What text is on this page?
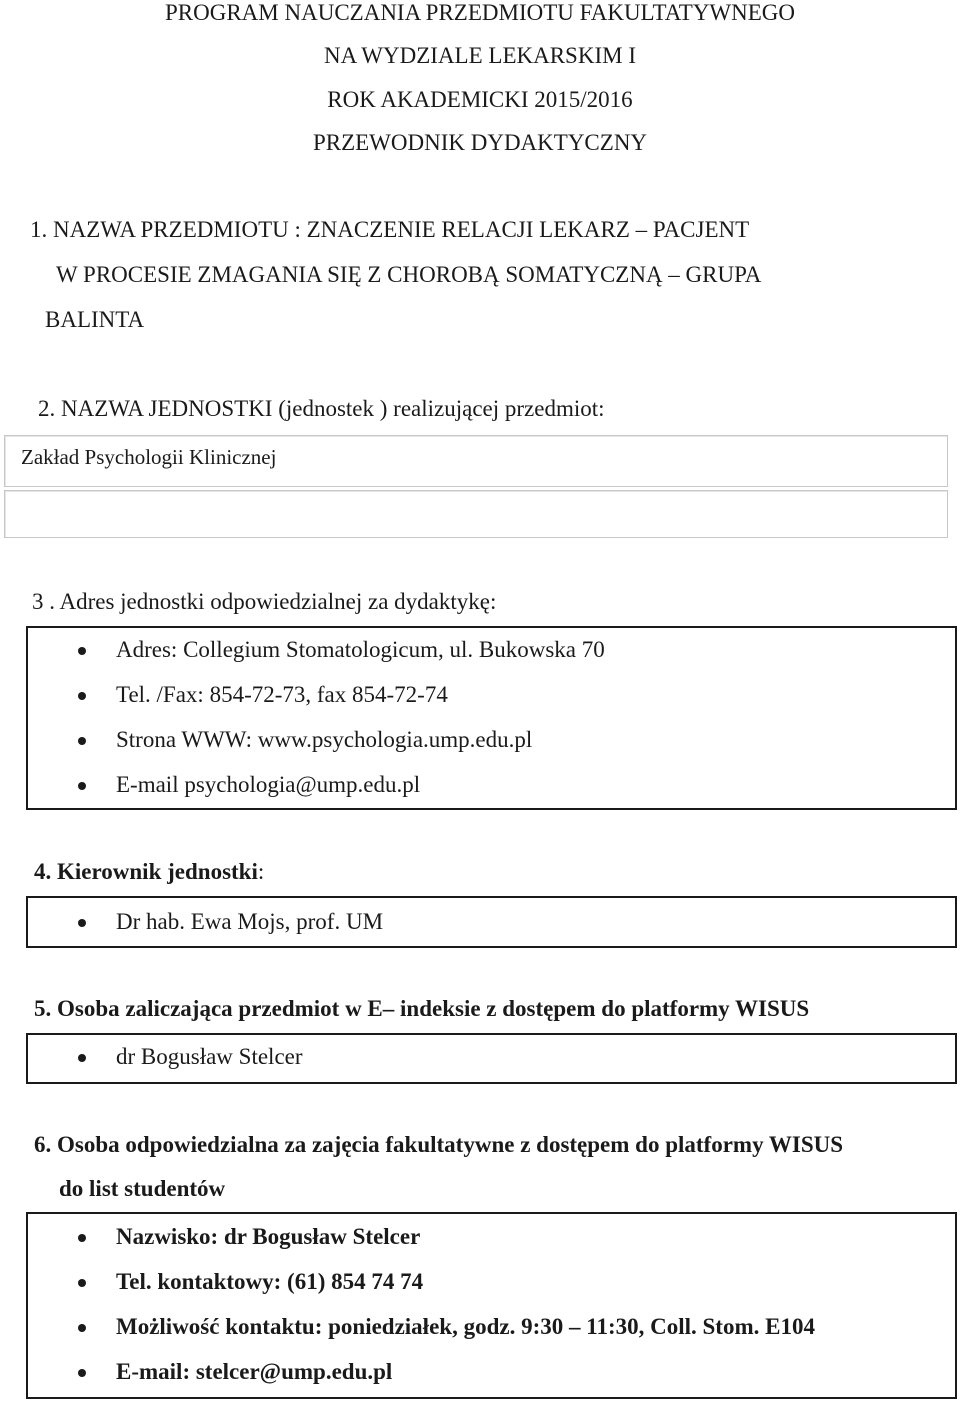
PROGRAM NAUCZANIA PRZEDMIOTU FAKULTATYWNEGO
NA WYDZIALE LEKARSKIM I
ROK AKADEMICKI 2015/2016
PRZEWODNIK DYDAKTYCZNY
1. NAZWA PRZEDMIOTU : ZNACZENIE RELACJI LEKARZ – PACJENT
W PROCESIE ZMAGANIA SIĘ Z CHOROBĄ SOMATYCZNĄ – GRUPA
BALINTA
2. NAZWA JEDNOSTKI (jednostek ) realizującej przedmiot:
Zakład Psychologii Klinicznej
3 . Adres jednostki odpowiedzialnej za dydaktykę:
Adres: Collegium Stomatologicum, ul. Bukowska 70
Tel. /Fax: 854-72-73, fax 854-72-74
Strona WWW: www.psychologia.ump.edu.pl
E-mail psychologia@ump.edu.pl
4. Kierownik jednostki:
Dr hab. Ewa Mojs, prof. UM
5. Osoba zaliczająca przedmiot w E– indeksie z dostępem do platformy WISUS
dr Bogusław Stelcer
6. Osoba odpowiedzialna za zajęcia fakultatywne z dostępem do platformy WISUS
do list studentów
Nazwisko: dr Bogusław Stelcer
Tel. kontaktowy: (61) 854 74 74
Możliwość kontaktu: poniedziałek, godz. 9:30 – 11:30, Coll. Stom. E104
E-mail: stelcer@ump.edu.pl
